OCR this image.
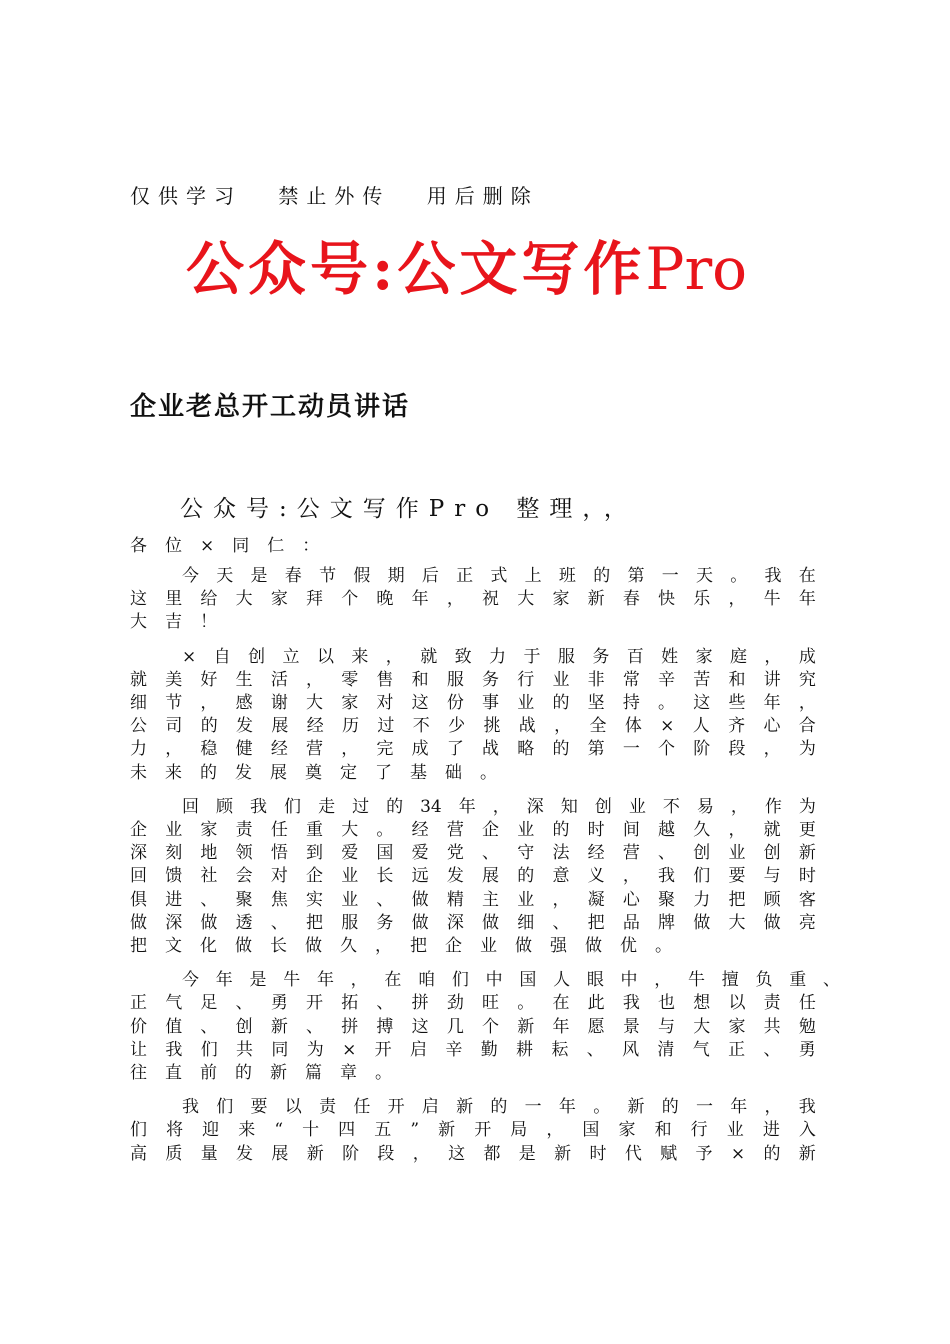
仅供学习 禁止外传 用后删除
公众号:公文写作Pro
企业老总开工动员讲话
公众号:公文写作Pro 整理，，
各位×同仁：
今 天 是 春 节 假 期 后 正 式 上 班 的 第 一 天 。 我 在
这 里 给 大 家 拜 个 晚 年 ， 祝 大 家 新 春 快 乐 ， 牛 年
大 吉 ！
× 自 创 立 以 来 ， 就 致 力 于 服 务 百 姓 家 庭 ， 成
就 美 好 生 活 ， 零 售 和 服 务 行 业 非 常 辛 苦 和 讲 究
细 节 ， 感 谢 大 家 对 这 份 事 业 的 坚 持 。 这 些 年 ，
公 司 的 发 展 经 历 过 不 少 挑 战 ， 全 体 × 人 齐 心 合
力 ， 稳 健 经 营 ， 完 成 了 战 略 的 第 一 个 阶 段 ， 为
未 来 的 发 展 奠 定 了 基 础 。
回 顾 我 们 走 过 的 34 年 ， 深 知 创 业 不 易 ， 作 为
企 业 家 责 任 重 大 。 经 营 企 业 的 时 间 越 久 ， 就 更
深 刻 地 领 悟 到 爱 国 爱 党 、 守 法 经 营 、 创 业 创 新
回 馈 社 会 对 企 业 长 远 发 展 的 意 义 ， 我 们 要 与 时
俱 进 、 聚 焦 实 业 、 做 精 主 业 ， 凝 心 聚 力 把 顾 客
做 深 做 透 、 把 服 务 做 深 做 细 、 把 品 牌 做 大 做 亮
把 文 化 做 长 做 久 ， 把 企 业 做 强 做 优 。
今 年 是 牛 年 ， 在 咱 们 中 国 人 眼 中 ， 牛 擅 负 重 、
正 气 足 、 勇 开 拓 、 拼 劲 旺 。 在 此 我 也 想 以 责 任
价 值 、 创 新 、 拼 搏 这 几 个 新 年 愿 景 与 大 家 共 勉
让 我 们 共 同 为 × 开 启 辛 勤 耕 耘 、 风 清 气 正 、 勇
往 直 前 的 新 篇 章 。
我 们 要 以 责 任 开 启 新 的 一 年 。 新 的 一 年 ， 我
们 将 迎 来 “ 十 四 五 ” 新 开 局 ， 国 家 和 行 业 进 入
高 质 量 发 展 新 阶 段 ， 这 都 是 新 时 代 赋 予 × 的 新
